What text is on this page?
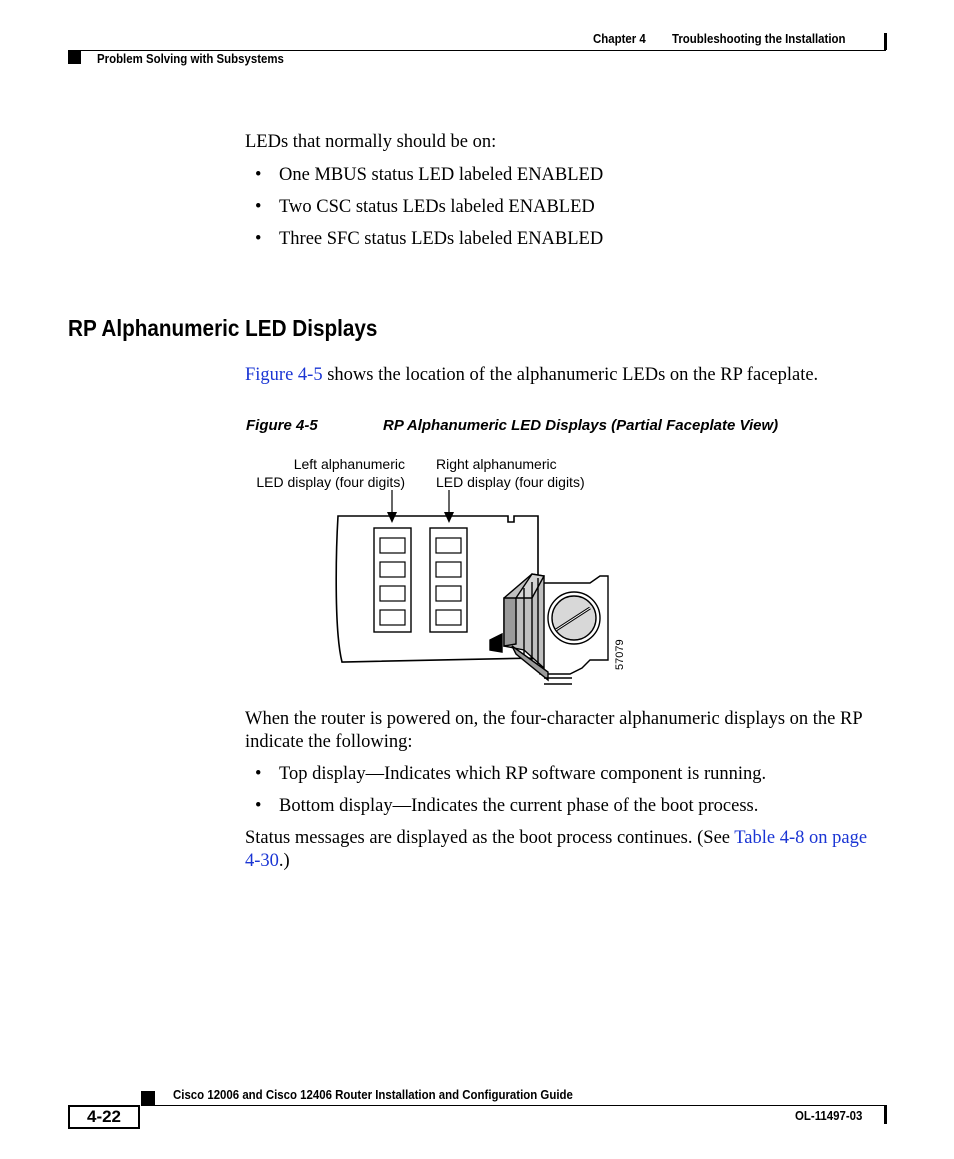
Chapter 4 Troubleshooting the Installation
Problem Solving with Subsystems
LEDs that normally should be on:
• One MBUS status LED labeled ENABLED
• Two CSC status LEDs labeled ENABLED
• Three SFC status LEDs labeled ENABLED
RP Alphanumeric LED Displays
Figure 4-5 shows the location of the alphanumeric LEDs on the RP faceplate.
Figure 4-5	RP Alphanumeric LED Displays (Partial Faceplate View)
Left alphanumeric
LED display (four digits)
Right alphanumeric
LED display (four digits)
57079
When the router is powered on, the four-character alphanumeric displays on the RP indicate the following:
• Top display—Indicates which RP software component is running.
• Bottom display—Indicates the current phase of the boot process.
Status messages are displayed as the boot process continues. (See Table 4-8 on page 4-30.)
Cisco 12006 and Cisco 12406 Router Installation and Configuration Guide
4-22	OL-11497-03
